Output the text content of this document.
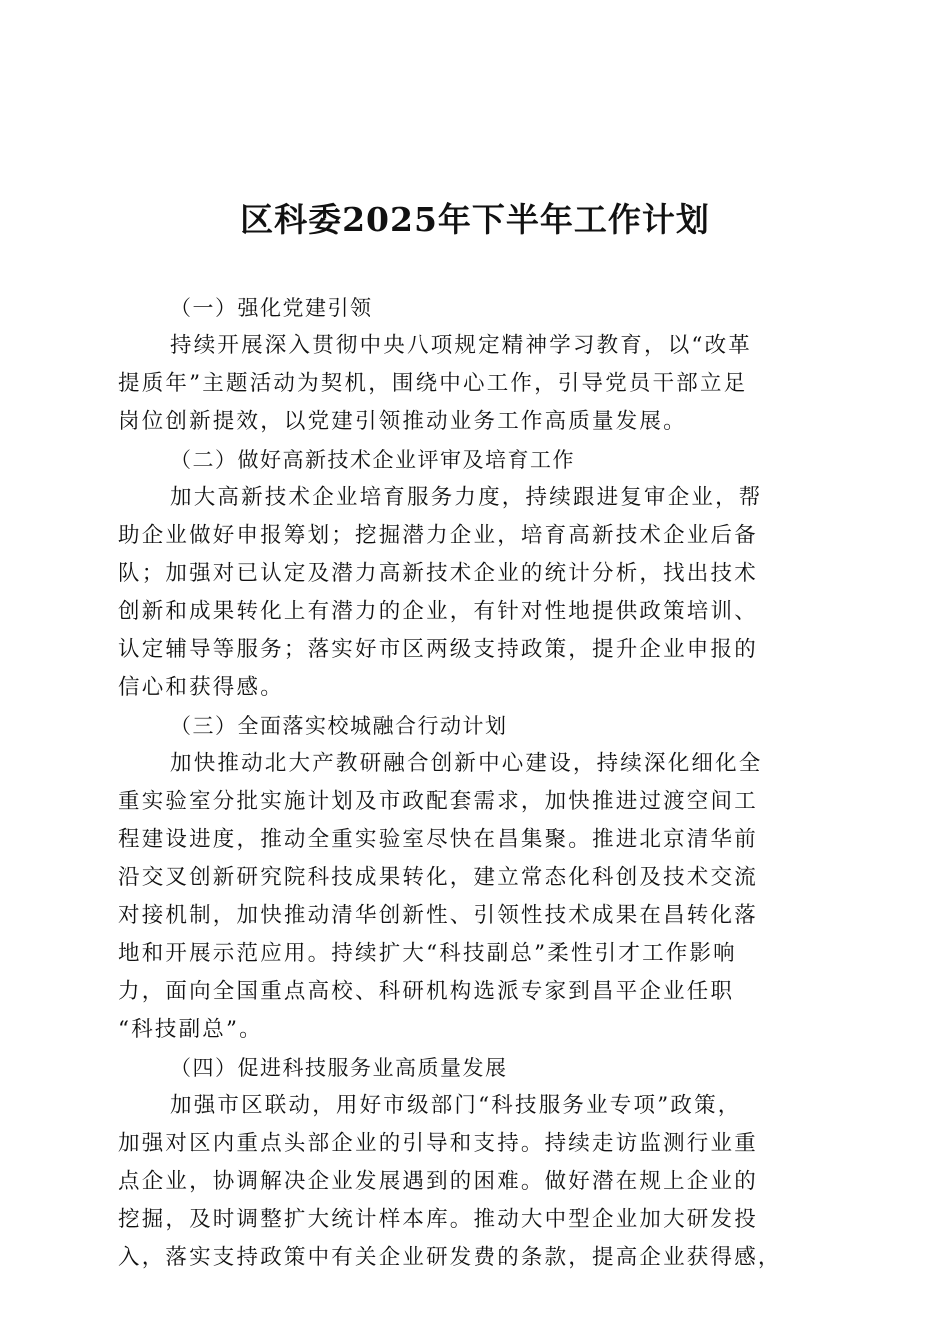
区科委2025年下半年工作计划

（一）强化党建引领

持续开展深入贯彻中央八项规定精神学习教育，以“改革
提质年”主题活动为契机，围绕中心工作，引导党员干部立足
岗位创新提效，以党建引领推动业务工作高质量发展。

（二）做好高新技术企业评审及培育工作

加大高新技术企业培育服务力度，持续跟进复审企业，帮
助企业做好申报筹划；挖掘潜力企业，培育高新技术企业后备
队；加强对已认定及潜力高新技术企业的统计分析，找出技术
创新和成果转化上有潜力的企业，有针对性地提供政策培训、
认定辅导等服务；落实好市区两级支持政策，提升企业申报的
信心和获得感。

（三）全面落实校城融合行动计划

加快推动北大产教研融合创新中心建设，持续深化细化全
重实验室分批实施计划及市政配套需求，加快推进过渡空间工
程建设进度，推动全重实验室尽快在昌集聚。推进北京清华前
沿交叉创新研究院科技成果转化，建立常态化科创及技术交流
对接机制，加快推动清华创新性、引领性技术成果在昌转化落
地和开展示范应用。持续扩大“科技副总”柔性引才工作影响
力，面向全国重点高校、科研机构选派专家到昌平企业任职
“科技副总”。

（四）促进科技服务业高质量发展

加强市区联动，用好市级部门“科技服务业专项”政策，
加强对区内重点头部企业的引导和支持。持续走访监测行业重
点企业，协调解决企业发展遇到的困难。做好潜在规上企业的
挖掘，及时调整扩大统计样本库。推动大中型企业加大研发投
入，落实支持政策中有关企业研发费的条款，提高企业获得感，
